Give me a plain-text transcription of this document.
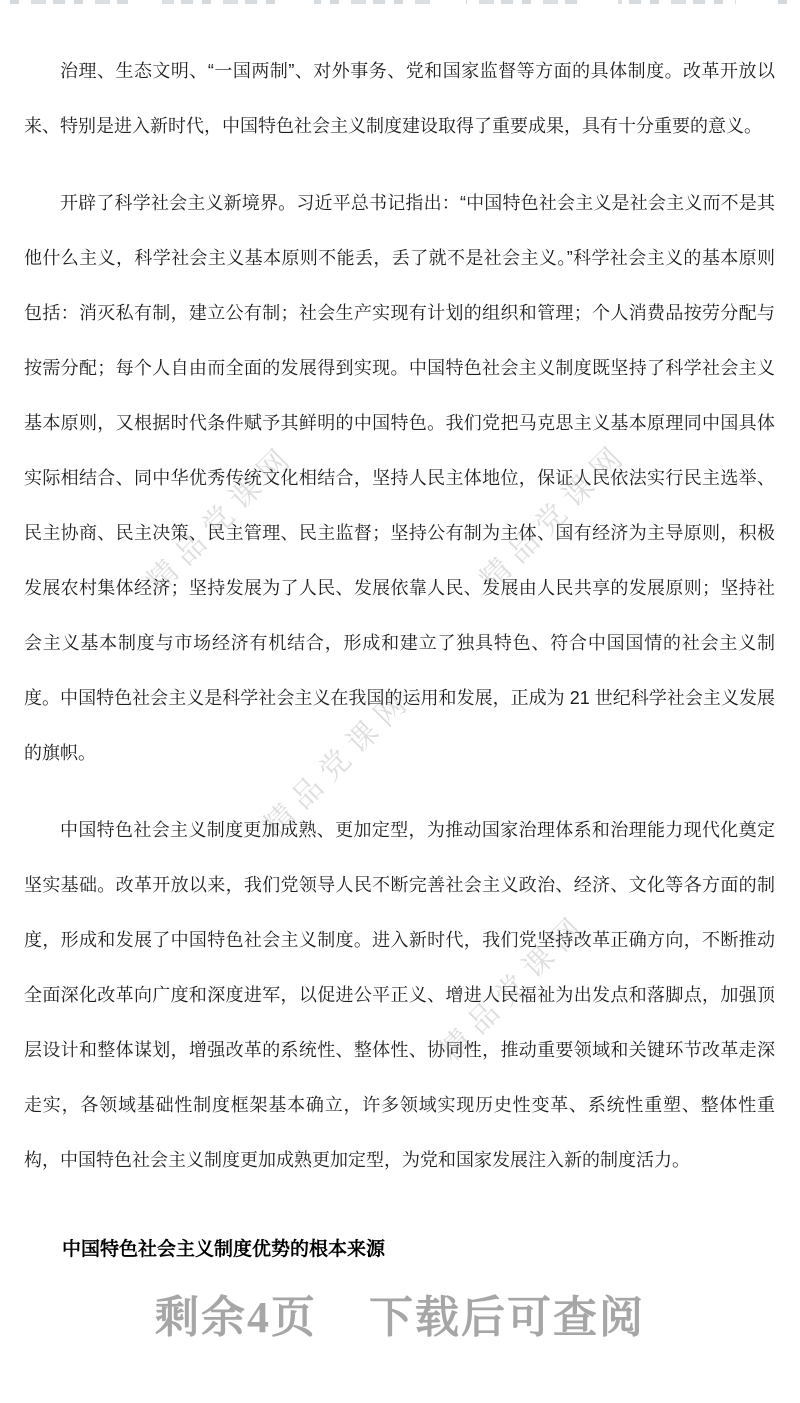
精品党课网	精品党课网
精品党课网
精品党课网

治理、生态文明、“一国两制”、对外事务、党和国家监督等方面的具体制度。改革开放以来、特别是进入新时代，中国特色社会主义制度建设取得了重要成果，具有十分重要的意义。

开辟了科学社会主义新境界。习近平总书记指出：“中国特色社会主义是社会主义而不是其他什么主义，科学社会主义基本原则不能丢，丢了就不是社会主义。”科学社会主义的基本原则包括：消灭私有制，建立公有制；社会生产实现有计划的组织和管理；个人消费品按劳分配与按需分配；每个人自由而全面的发展得到实现。中国特色社会主义制度既坚持了科学社会主义基本原则，又根据时代条件赋予其鲜明的中国特色。我们党把马克思主义基本原理同中国具体实际相结合、同中华优秀传统文化相结合，坚持人民主体地位，保证人民依法实行民主选举、民主协商、民主决策、民主管理、民主监督；坚持公有制为主体、国有经济为主导原则，积极发展农村集体经济；坚持发展为了人民、发展依靠人民、发展由人民共享的发展原则；坚持社会主义基本制度与市场经济有机结合，形成和建立了独具特色、符合中国国情的社会主义制度。中国特色社会主义是科学社会主义在我国的运用和发展，正成为 21 世纪科学社会主义发展的旗帜。

中国特色社会主义制度更加成熟、更加定型，为推动国家治理体系和治理能力现代化奠定坚实基础。改革开放以来，我们党领导人民不断完善社会主义政治、经济、文化等各方面的制度，形成和发展了中国特色社会主义制度。进入新时代，我们党坚持改革正确方向，不断推动全面深化改革向广度和深度进军，以促进公平正义、增进人民福祉为出发点和落脚点，加强顶层设计和整体谋划，增强改革的系统性、整体性、协同性，推动重要领域和关键环节改革走深走实，各领域基础性制度框架基本确立，许多领域实现历史性变革、系统性重塑、整体性重构，中国特色社会主义制度更加成熟更加定型，为党和国家发展注入新的制度活力。

中国特色社会主义制度优势的根本来源
剩余4页 下载后可查阅
